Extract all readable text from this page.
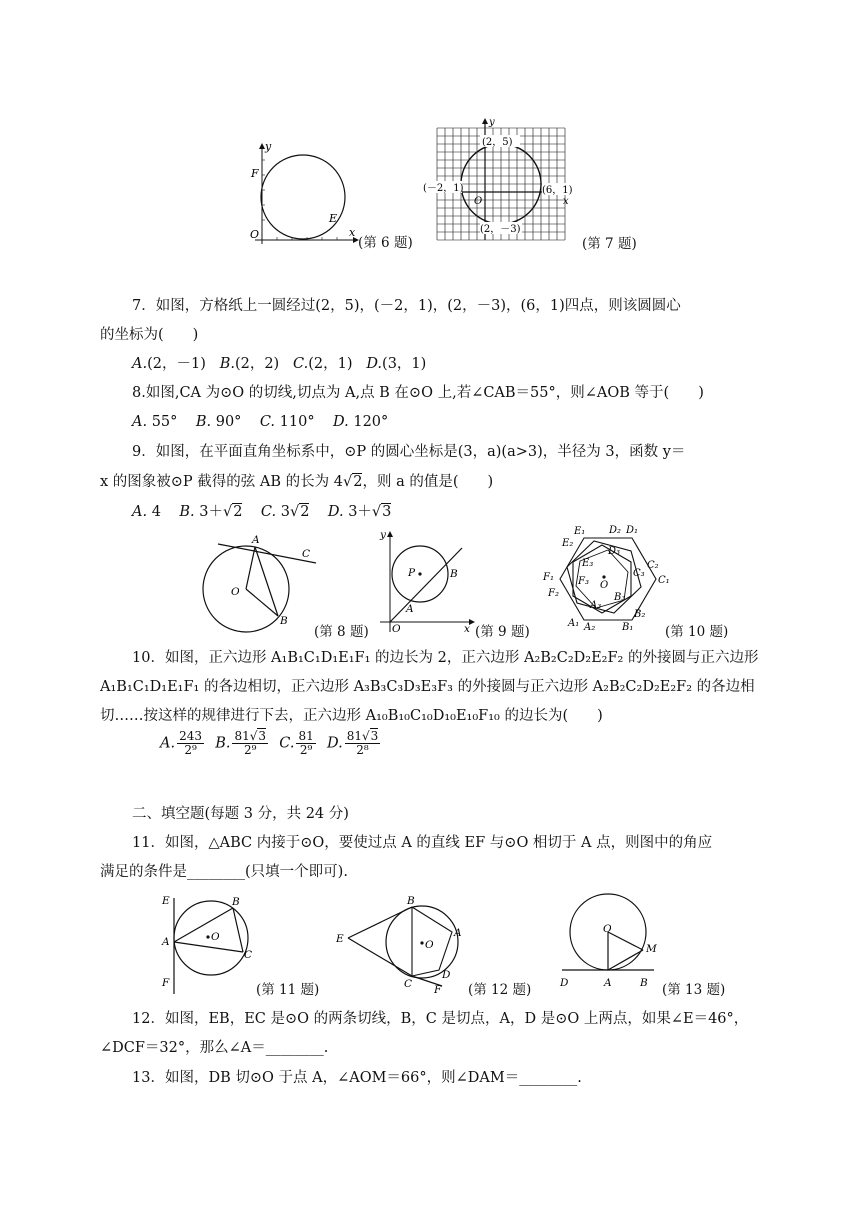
y
F
E
O	x
(第 6 题)
(2，5)
(－2，1)	(6，1)
(2，－3)
O
y
x
(第 7 题)
7．如图，方格纸上一圆经过(2，5)，(－2，1)，(2，－3)，(6，1)四点，则该圆圆心
的坐标为(　　)
A.(2，－1) B.(2，2) C.(2，1) D.(3，1)
8.如图,CA 为⊙O 的切线,切点为 A,点 B 在⊙O 上,若∠CAB＝55°，则∠AOB 等于(　　)
A. 55° B. 90° C. 110° D. 120°
9．如图，在平面直角坐标系中，⊙P 的圆心坐标是(3，a)(a>3)，半径为 3，函数 y＝
x 的图象被⊙P 截得的弦 AB 的长为 4√2，则 a 的值是(　　)
A. 4 B. 3＋√2 C. 3√2 D. 3＋√3
A
C
O
B
(第 8 题)
y
P	B
A
O	x (第 9 题)
E₁ D₂ D₁
E₂
D₃
E₃
C₃
C₂
C₁
F₁ F₃ O
F₂	B₃
A₃
B₂
A₁ A₂	B₁ (第 10 题)
10．如图，正六边形 A₁B₁C₁D₁E₁F₁ 的边长为 2，正六边形 A₂B₂C₂D₂E₂F₂ 的外接圆与正六边形
A₁B₁C₁D₁E₁F₁ 的各边相切，正六边形 A₃B₃C₃D₃E₃F₃ 的外接圆与正六边形 A₂B₂C₂D₂E₂F₂ 的各边相
切……按这样的规律进行下去，正六边形 A₁₀B₁₀C₁₀D₁₀E₁₀F₁₀ 的边长为(　　)
A. $\frac{243}{\text{2⁹}} B$. $\frac{81√3}{\text{2⁹}} C$. $\frac{81}{\text{2⁹}} D$. $\frac{81√3}{\text{2⁸}}$
二、填空题(每题 3 分，共 24 分)
11．如图，△ABC 内接于⊙O，要使过点 A 的直线 EF 与⊙O 相切于 A 点，则图中的角应
满足的条件是________(只填一个即可).
E	B
A	O
C
F	(第 11 题)
B
A
E	O
C
D
F (第 12 题)
O
M
D	A	B (第 13 题)
12．如图，EB，EC 是⊙O 的两条切线，B，C 是切点，A，D 是⊙O 上两点，如果∠E＝46°，
∠DCF＝32°，那么∠A＝________.
13．如图，DB 切⊙O 于点 A，∠AOM＝66°，则∠DAM＝________.
